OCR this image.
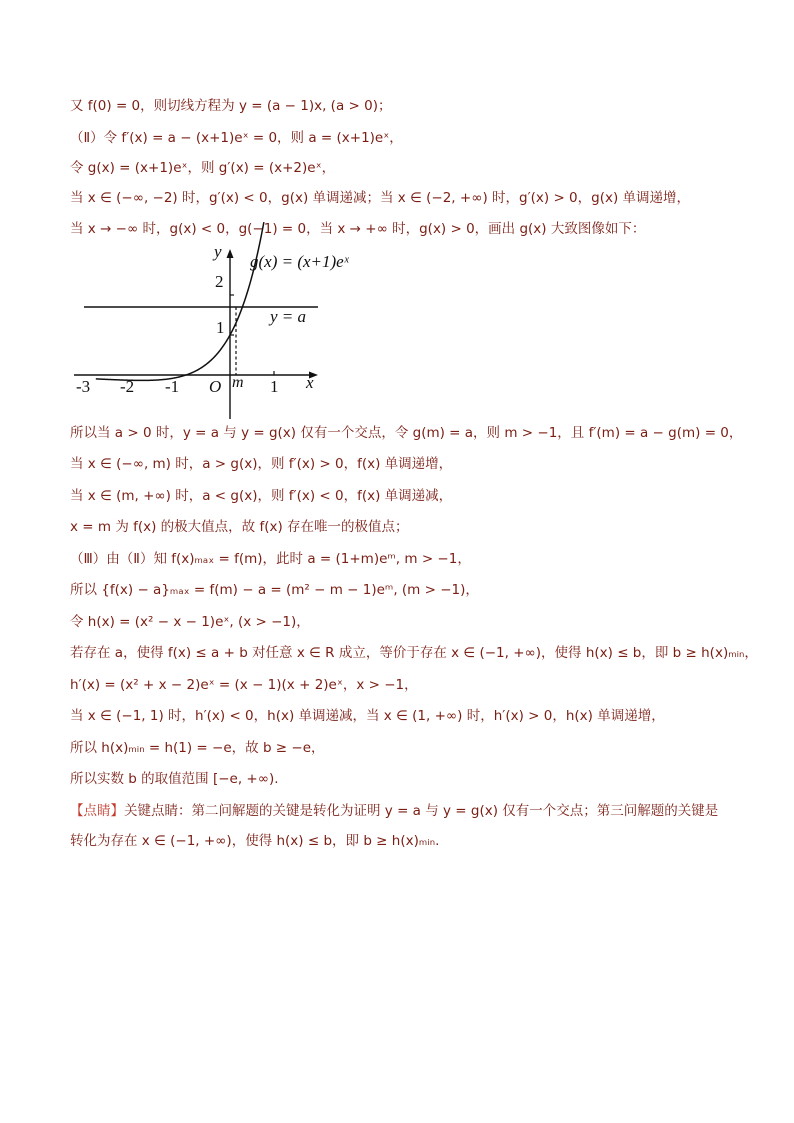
又 f(0) = 0，则切线方程为 y = (a − 1)x, (a > 0)；
（Ⅱ）令 f′(x) = a − (x+1)eˣ = 0，则 a = (x+1)eˣ，
令 g(x) = (x+1)eˣ，则 g′(x) = (x+2)eˣ，
当 x ∈ (−∞, −2) 时，g′(x) < 0，g(x) 单调递减；当 x ∈ (−2, +∞) 时，g′(x) > 0，g(x) 单调递增，
当 x → −∞ 时，g(x) < 0，g(−1) = 0，当 x → +∞ 时，g(x) > 0，画出 g(x) 大致图像如下：
y
x
O m
-3 -2 -1	1
2
1
g(x) = (x+1)eˣ
y = a
所以当 a > 0 时，y = a 与 y = g(x) 仅有一个交点，令 g(m) = a，则 m > −1，且 f′(m) = a − g(m) = 0，
当 x ∈ (−∞, m) 时，a > g(x)，则 f′(x) > 0，f(x) 单调递增，
当 x ∈ (m, +∞) 时，a < g(x)，则 f′(x) < 0，f(x) 单调递减，
x = m 为 f(x) 的极大值点，故 f(x) 存在唯一的极值点；
（Ⅲ）由（Ⅱ）知 f(x)ₘₐₓ = f(m)，此时 a = (1+m)eᵐ, m > −1，
所以 {f(x) − a}ₘₐₓ = f(m) − a = (m² − m − 1)eᵐ, (m > −1)，
令 h(x) = (x² − x − 1)eˣ, (x > −1)，
若存在 a，使得 f(x) ≤ a + b 对任意 x ∈ R 成立，等价于存在 x ∈ (−1, +∞)，使得 h(x) ≤ b，即 b ≥ h(x)ₘᵢₙ，
h′(x) = (x² + x − 2)eˣ = (x − 1)(x + 2)eˣ，x > −1，
当 x ∈ (−1, 1) 时，h′(x) < 0，h(x) 单调递减，当 x ∈ (1, +∞) 时，h′(x) > 0，h(x) 单调递增，
所以 h(x)ₘᵢₙ = h(1) = −e，故 b ≥ −e，
所以实数 b 的取值范围 [−e, +∞).
【点睛】关键点睛：第二问解题的关键是转化为证明 y = a 与 y = g(x) 仅有一个交点；第三问解题的关键是
转化为存在 x ∈ (−1, +∞)，使得 h(x) ≤ b，即 b ≥ h(x)ₘᵢₙ.
